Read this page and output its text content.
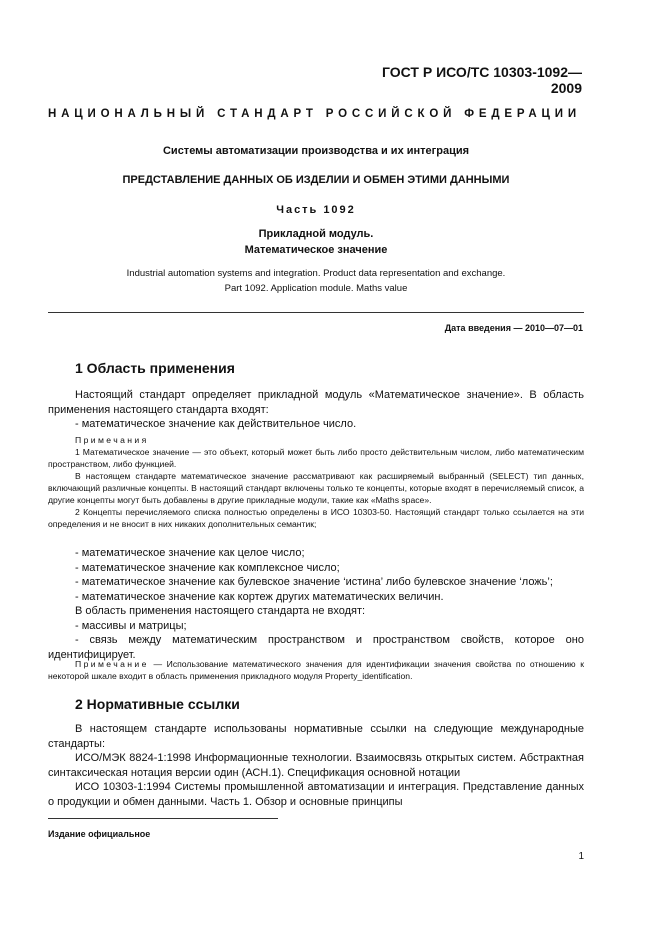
ГОСТ Р ИСО/ТС 10303-1092—2009
НАЦИОНАЛЬНЫЙ СТАНДАРТ РОССИЙСКОЙ ФЕДЕРАЦИИ
Системы автоматизации производства и их интеграция
ПРЕДСТАВЛЕНИЕ ДАННЫХ ОБ ИЗДЕЛИИ И ОБМЕН ЭТИМИ ДАННЫМИ
Часть 1092
Прикладной модуль.
Математическое значение
Industrial automation systems and integration. Product data representation and exchange.
Part 1092. Application module. Maths value
Дата введения — 2010—07—01
1 Область применения

Настоящий стандарт определяет прикладной модуль «Математическое значение». В область применения настоящего стандарта входят:

- математическое значение как действительное число.

Примечания

1 Математическое значение — это объект, который может быть либо просто действительным числом, либо математическим пространством, либо функцией.

В настоящем стандарте математическое значение рассматривают как расширяемый выбранный (SELECT) тип данных, включающий различные концепты. В настоящий стандарт включены только те концепты, которые входят в перечисляемый список, а другие концепты могут быть добавлены в другие прикладные модули, такие как «Maths space».

2 Концепты перечисляемого списка полностью определены в ИСО 10303-50. Настоящий стандарт только ссылается на эти определения и не вносит в них никаких дополнительных семантик;

- математическое значение как целое число;

- математическое значение как комплексное число;

- математическое значение как булевское значение ‘истина’ либо булевское значение ‘ложь’;

- математическое значение как кортеж других математических величин.

В область применения настоящего стандарта не входят:

- массивы и матрицы;

- связь между математическим пространством и пространством свойств, которое оно идентифицирует.

Примечание — Использование математического значения для идентификации значения свойства по отношению к некоторой шкале входит в область применения прикладного модуля Property_identification.

2 Нормативные ссылки

В настоящем стандарте использованы нормативные ссылки на следующие международные стандарты:

ИСО/МЭК 8824-1:1998 Информационные технологии. Взаимосвязь открытых систем. Абстрактная синтаксическая нотация версии один (АСН.1). Спецификация основной нотации

ИСО 10303-1:1994 Системы промышленной автоматизации и интеграция. Представление данных о продукции и обмен данными. Часть 1. Обзор и основные принципы

Издание официальное
1
